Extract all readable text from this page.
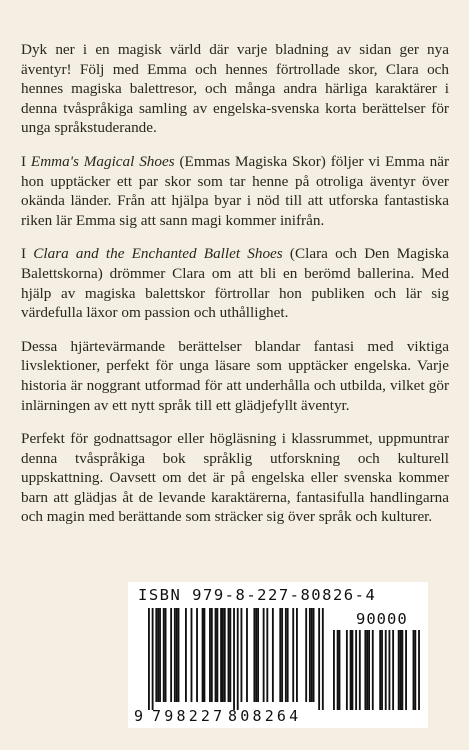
Dyk ner i en magisk värld där varje bladning av sidan ger nya äventyr! Följ med Emma och hennes förtrollade skor, Clara och hennes magiska balettresor, och många andra härliga karaktärer i denna tvåspråkiga samling av engelska-svenska korta berättelser för unga språkstuderande.

I Emma's Magical Shoes (Emmas Magiska Skor) följer vi Emma när hon upptäcker ett par skor som tar henne på otroliga äventyr över okända länder. Från att hjälpa byar i nöd till att utforska fantastiska riken lär Emma sig att sann magi kommer inifrån.

I Clara and the Enchanted Ballet Shoes (Clara och Den Magiska Balettskorna) drömmer Clara om att bli en berömd ballerina. Med hjälp av magiska balettskor förtrollar hon publiken och lär sig värdefulla läxor om passion och uthållighet.

Dessa hjärtevärmande berättelser blandar fantasi med viktiga livslektioner, perfekt för unga läsare som upptäcker engelska. Varje historia är noggrant utformad för att underhålla och utbilda, vilket gör inlärningen av ett nytt språk till ett glädjefyllt äventyr.

Perfekt för godnattsagor eller högläsning i klassrummet, uppmuntrar denna tvåspråkiga bok språklig utforskning och kulturell uppskattning. Oavsett om det är på engelska eller svenska kommer barn att glädjas åt de levande karaktärerna, fantasifulla handlingarna och magin med berättande som sträcker sig över språk och kulturer.

ISBN 979-8-227-80826-4
90000
9 798227 808264
